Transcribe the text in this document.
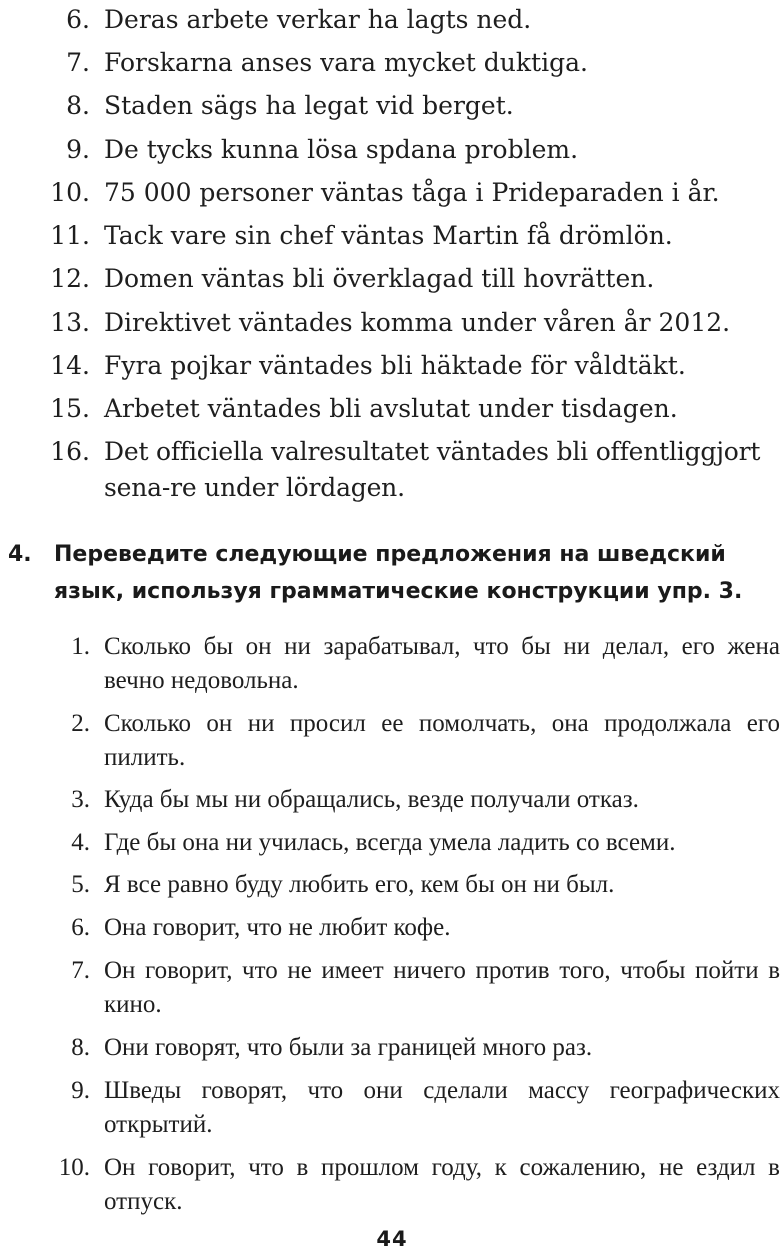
6. Deras arbete verkar ha lagts ned.
7. Forskarna anses vara mycket duktiga.
8. Staden sägs ha legat vid berget.
9. De tycks kunna lösa spdana problem.
10. 75 000 personer väntas tåga i Prideparaden i år.
11. Tack vare sin chef väntas Martin få drömlön.
12. Domen väntas bli överklagad till hovrätten.
13. Direktivet väntades komma under våren år 2012.
14. Fyra pojkar väntades bli häktade för våldtäkt.
15. Arbetet väntades bli avslutat under tisdagen.
16. Det officiella valresultatet väntades bli offentliggjort sena-re under lördagen.
4. Переведите следующие предложения на шведский язык, используя грамматические конструкции упр. 3.
1. Сколько бы он ни зарабатывал, что бы ни делал, его жена вечно недовольна.
2. Сколько он ни просил ее помолчать, она продолжала его пилить.
3. Куда бы мы ни обращались, везде получали отказ.
4. Где бы она ни училась, всегда умела ладить со всеми.
5. Я все равно буду любить его, кем бы он ни был.
6. Она говорит, что не любит кофе.
7. Он говорит, что не имеет ничего против того, чтобы пойти в кино.
8. Они говорят, что были за границей много раз.
9. Шведы говорят, что они сделали массу географических открытий.
10. Он говорит, что в прошлом году, к сожалению, не ездил в отпуск.
44
